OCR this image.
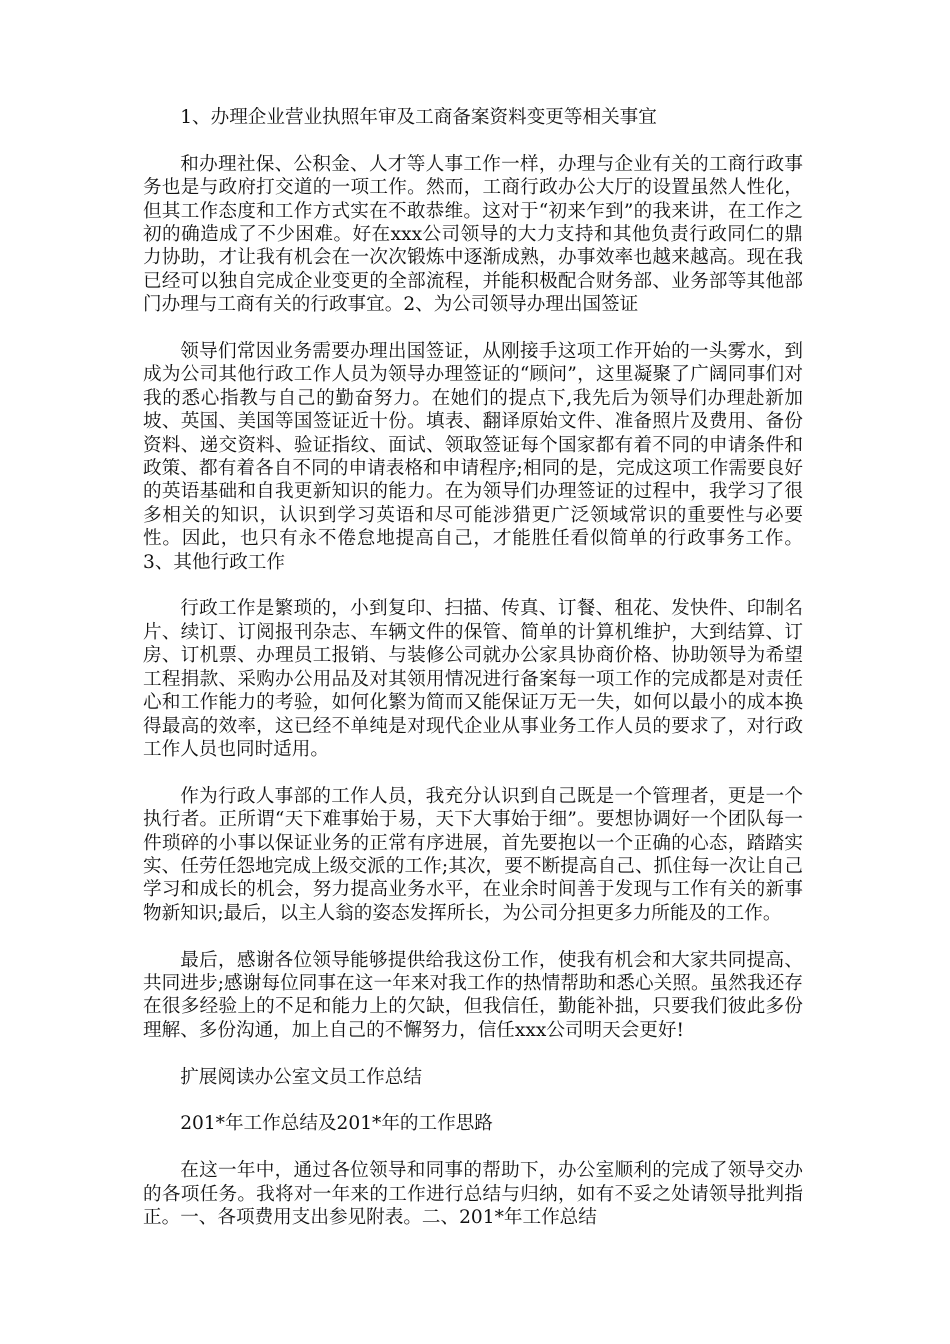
1、办理企业营业执照年审及工商备案资料变更等相关事宜

和办理社保、公积金、人才等人事工作一样，办理与企业有关的工商行政事务也是与政府打交道的一项工作。然而，工商行政办公大厅的设置虽然人性化，但其工作态度和工作方式实在不敢恭维。这对于“初来乍到”的我来讲，在工作之初的确造成了不少困难。好在xxx公司领导的大力支持和其他负责行政同仁的鼎力协助，才让我有机会在一次次锻炼中逐渐成熟，办事效率也越来越高。现在我已经可以独自完成企业变更的全部流程，并能积极配合财务部、业务部等其他部门办理与工商有关的行政事宜。2、为公司领导办理出国签证

领导们常因业务需要办理出国签证，从刚接手这项工作开始的一头雾水，到成为公司其他行政工作人员为领导办理签证的“顾问”，这里凝聚了广阔同事们对我的悉心指教与自己的勤奋努力。在她们的提点下,我先后为领导们办理赴新加坡、英国、美国等国签证近十份。填表、翻译原始文件、准备照片及费用、备份资料、递交资料、验证指纹、面试、领取签证每个国家都有着不同的申请条件和政策、都有着各自不同的申请表格和申请程序;相同的是，完成这项工作需要良好的英语基础和自我更新知识的能力。在为领导们办理签证的过程中，我学习了很多相关的知识，认识到学习英语和尽可能涉猎更广泛领域常识的重要性与必要性。因此，也只有永不倦怠地提高自己，才能胜任看似简单的行政事务工作。3、其他行政工作

行政工作是繁琐的，小到复印、扫描、传真、订餐、租花、发快件、印制名片、续订、订阅报刊杂志、车辆文件的保管、简单的计算机维护，大到结算、订房、订机票、办理员工报销、与装修公司就办公家具协商价格、协助领导为希望工程捐款、采购办公用品及对其领用情况进行备案每一项工作的完成都是对责任心和工作能力的考验，如何化繁为简而又能保证万无一失，如何以最小的成本换得最高的效率，这已经不单纯是对现代企业从事业务工作人员的要求了，对行政工作人员也同时适用。

作为行政人事部的工作人员，我充分认识到自己既是一个管理者，更是一个执行者。正所谓“天下难事始于易，天下大事始于细”。要想协调好一个团队每一件琐碎的小事以保证业务的正常有序进展，首先要抱以一个正确的心态，踏踏实实、任劳任怨地完成上级交派的工作;其次，要不断提高自己、抓住每一次让自己学习和成长的机会，努力提高业务水平，在业余时间善于发现与工作有关的新事物新知识;最后，以主人翁的姿态发挥所长，为公司分担更多力所能及的工作。

最后，感谢各位领导能够提供给我这份工作，使我有机会和大家共同提高、共同进步;感谢每位同事在这一年来对我工作的热情帮助和悉心关照。虽然我还存在很多经验上的不足和能力上的欠缺，但我信任，勤能补拙，只要我们彼此多份理解、多份沟通，加上自己的不懈努力，信任xxx公司明天会更好!

扩展阅读办公室文员工作总结

201*年工作总结及201*年的工作思路

在这一年中，通过各位领导和同事的帮助下，办公室顺利的完成了领导交办的各项任务。我将对一年来的工作进行总结与归纳，如有不妥之处请领导批判指正。一、各项费用支出参见附表。二、201*年工作总结
